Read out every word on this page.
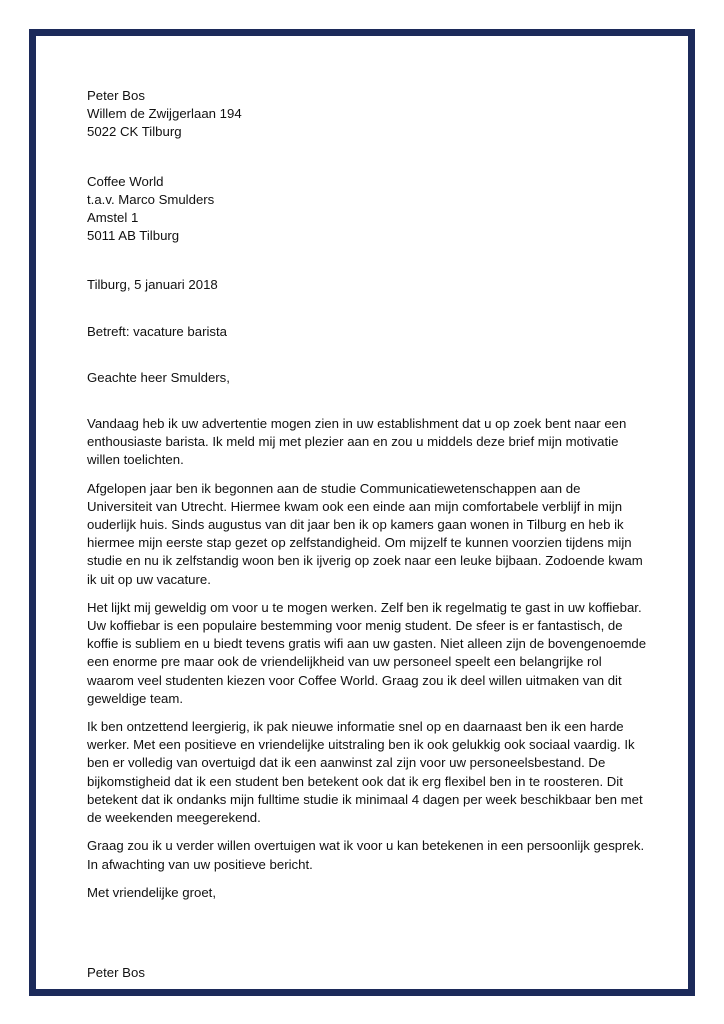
Peter Bos
Willem de Zwijgerlaan 194
5022 CK Tilburg
Coffee World
t.a.v. Marco Smulders
Amstel 1
5011 AB Tilburg
Tilburg, 5 januari 2018
Betreft: vacature barista
Geachte heer Smulders,

Vandaag heb ik uw advertentie mogen zien in uw establishment dat u op zoek bent naar een enthousiaste barista. Ik meld mij met plezier aan en zou u middels deze brief mijn motivatie willen toelichten.

Afgelopen jaar ben ik begonnen aan de studie Communicatiewetenschappen aan de Universiteit van Utrecht. Hiermee kwam ook een einde aan mijn comfortabele verblijf in mijn ouderlijk huis. Sinds augustus van dit jaar ben ik op kamers gaan wonen in Tilburg en heb ik hiermee mijn eerste stap gezet op zelfstandigheid. Om mijzelf te kunnen voorzien tijdens mijn studie en nu ik zelfstandig woon ben ik ijverig op zoek naar een leuke bijbaan. Zodoende kwam ik uit op uw vacature.

Het lijkt mij geweldig om voor u te mogen werken. Zelf ben ik regelmatig te gast in uw koffiebar. Uw koffiebar is een populaire bestemming voor menig student. De sfeer is er fantastisch, de koffie is subliem en u biedt tevens gratis wifi aan uw gasten. Niet alleen zijn de bovengenoemde een enorme pre maar ook de vriendelijkheid van uw personeel speelt een belangrijke rol waarom veel studenten kiezen voor Coffee World. Graag zou ik deel willen uitmaken van dit geweldige team.

Ik ben ontzettend leergierig, ik pak nieuwe informatie snel op en daarnaast ben ik een harde werker. Met een positieve en vriendelijke uitstraling ben ik ook gelukkig ook sociaal vaardig. Ik ben er volledig van overtuigd dat ik een aanwinst zal zijn voor uw personeelsbestand. De bijkomstigheid dat ik een student ben betekent ook dat ik erg flexibel ben in te roosteren. Dit betekent dat ik ondanks mijn fulltime studie ik minimaal 4 dagen per week beschikbaar ben met de weekenden meegerekend.

Graag zou ik u verder willen overtuigen wat ik voor u kan betekenen in een persoonlijk gesprek. In afwachting van uw positieve bericht.

Met vriendelijke groet,
Peter Bos
